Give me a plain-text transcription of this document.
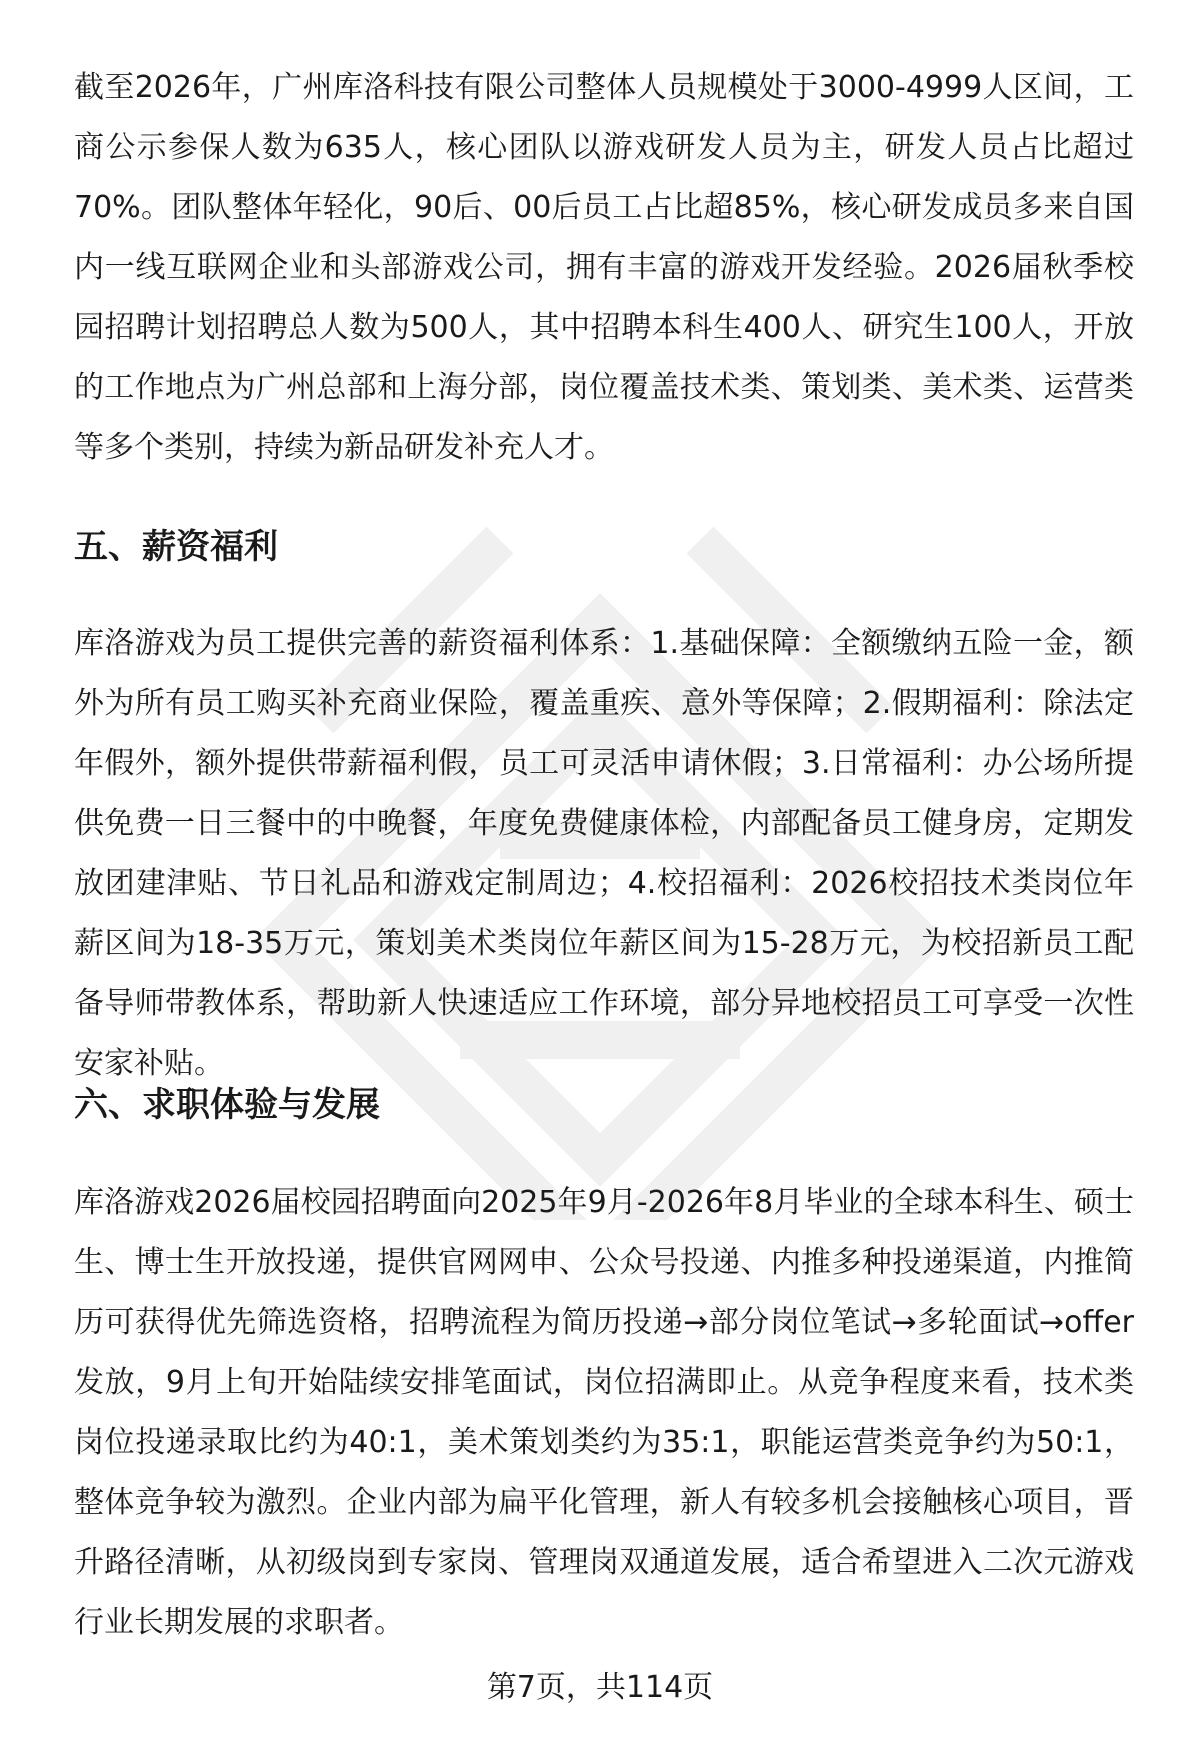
截至2026年，广州库洛科技有限公司整体人员规模处于3000-4999人区间，工商公示参保人数为635人，核心团队以游戏研发人员为主，研发人员占比超过70%。团队整体年轻化，90后、00后员工占比超85%，核心研发成员多来自国内一线互联网企业和头部游戏公司，拥有丰富的游戏开发经验。2026届秋季校园招聘计划招聘总人数为500人，其中招聘本科生400人、研究生100人，开放的工作地点为广州总部和上海分部，岗位覆盖技术类、策划类、美术类、运营类等多个类别，持续为新品研发补充人才。

五、薪资福利

库洛游戏为员工提供完善的薪资福利体系：1.基础保障：全额缴纳五险一金，额外为所有员工购买补充商业保险，覆盖重疾、意外等保障；2.假期福利：除法定年假外，额外提供带薪福利假，员工可灵活申请休假；3.日常福利：办公场所提供免费一日三餐中的中晚餐，年度免费健康体检，内部配备员工健身房，定期发放团建津贴、节日礼品和游戏定制周边；4.校招福利：2026校招技术类岗位年薪区间为18-35万元，策划美术类岗位年薪区间为15-28万元，为校招新员工配备导师带教体系，帮助新人快速适应工作环境，部分异地校招员工可享受一次性安家补贴。

六、求职体验与发展

库洛游戏2026届校园招聘面向2025年9月-2026年8月毕业的全球本科生、硕士生、博士生开放投递，提供官网网申、公众号投递、内推多种投递渠道，内推简历可获得优先筛选资格，招聘流程为简历投递→部分岗位笔试→多轮面试→offer发放，9月上旬开始陆续安排笔面试，岗位招满即止。从竞争程度来看，技术类岗位投递录取比约为40:1，美术策划类约为35:1，职能运营类竞争约为50:1，整体竞争较为激烈。企业内部为扁平化管理，新人有较多机会接触核心项目，晋升路径清晰，从初级岗到专家岗、管理岗双通道发展，适合希望进入二次元游戏行业长期发展的求职者。

第7页，共114页
